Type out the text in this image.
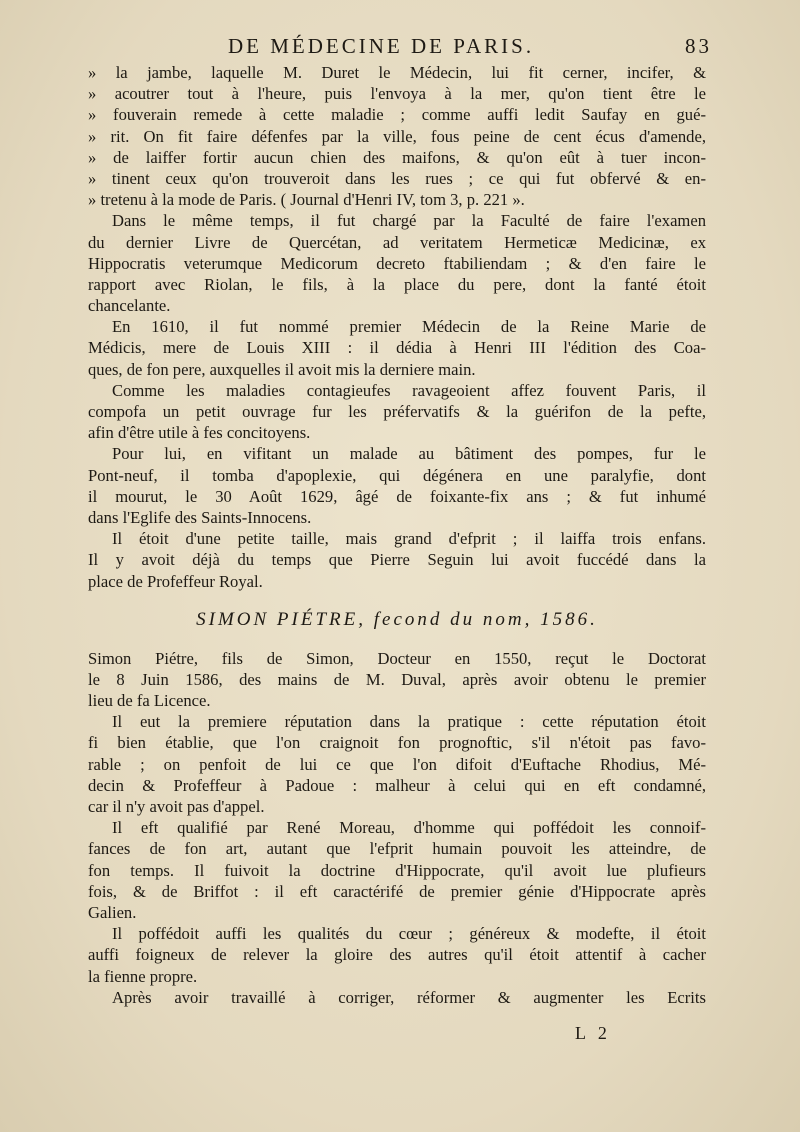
DE MÉDECINE DE PARIS.	83
» la jambe, laquelle M. Duret le Médecin, lui fit cerner, incifer, &
» acoutrer tout à l'heure, puis l'envoya à la mer, qu'on tient être le
» fouverain remede à cette maladie ; comme auffi ledit Saufay en gué-
» rit. On fit faire défenfes par la ville, fous peine de cent écus d'amende,
» de laiffer fortir aucun chien des maifons, & qu'on eût à tuer incon-
» tinent ceux qu'on trouveroit dans les rues ; ce qui fut obfervé & en-
» tretenu à la mode de Paris. ( Journal d'Henri IV, tom 3, p. 221 ».
Dans le même temps, il fut chargé par la Faculté de faire l'examen
du dernier Livre de Quercétan, ad veritatem Hermeticæ Medicinæ, ex
Hippocratis veterumque Medicorum decreto ftabiliendam ; & d'en faire le
rapport avec Riolan, le fils, à la place du pere, dont la fanté étoit
chancelante.
En 1610, il fut nommé premier Médecin de la Reine Marie de
Médicis, mere de Louis XIII : il dédia à Henri III l'édition des Coa-
ques, de fon pere, auxquelles il avoit mis la derniere main.
Comme les maladies contagieufes ravageoient affez fouvent Paris, il
compofa un petit ouvrage fur les préfervatifs & la guérifon de la pefte,
afin d'être utile à fes concitoyens.
Pour lui, en vifitant un malade au bâtiment des pompes, fur le
Pont-neuf, il tomba d'apoplexie, qui dégénera en une paralyfie, dont
il mourut, le 30 Août 1629, âgé de foixante-fix ans ; & fut inhumé
dans l'Eglife des Saints-Innocens.
Il étoit d'une petite taille, mais grand d'efprit ; il laiffa trois enfans.
Il y avoit déjà du temps que Pierre Seguin lui avoit fuccédé dans la
place de Profeffeur Royal.
SIMON PIÉTRE, fecond du nom, 1586.
Simon Piétre, fils de Simon, Docteur en 1550, reçut le Doctorat
le 8 Juin 1586, des mains de M. Duval, après avoir obtenu le premier
lieu de fa Licence.
Il eut la premiere réputation dans la pratique : cette réputation étoit
fi bien établie, que l'on craignoit fon prognoftic, s'il n'étoit pas favo-
rable ; on penfoit de lui ce que l'on difoit d'Euftache Rhodius, Mé-
decin & Profeffeur à Padoue : malheur à celui qui en eft condamné,
car il n'y avoit pas d'appel.
Il eft qualifié par René Moreau, d'homme qui poffédoit les connoif-
fances de fon art, autant que l'efprit humain pouvoit les atteindre, de
fon temps. Il fuivoit la doctrine d'Hippocrate, qu'il avoit lue plufieurs
fois, & de Briffot : il eft caractérifé de premier génie d'Hippocrate après
Galien.
Il poffédoit auffi les qualités du cœur ; généreux & modefte, il étoit
auffi foigneux de relever la gloire des autres qu'il étoit attentif à cacher
la fienne propre.
Après avoir travaillé à corriger, réformer & augmenter les Ecrits
L 2
